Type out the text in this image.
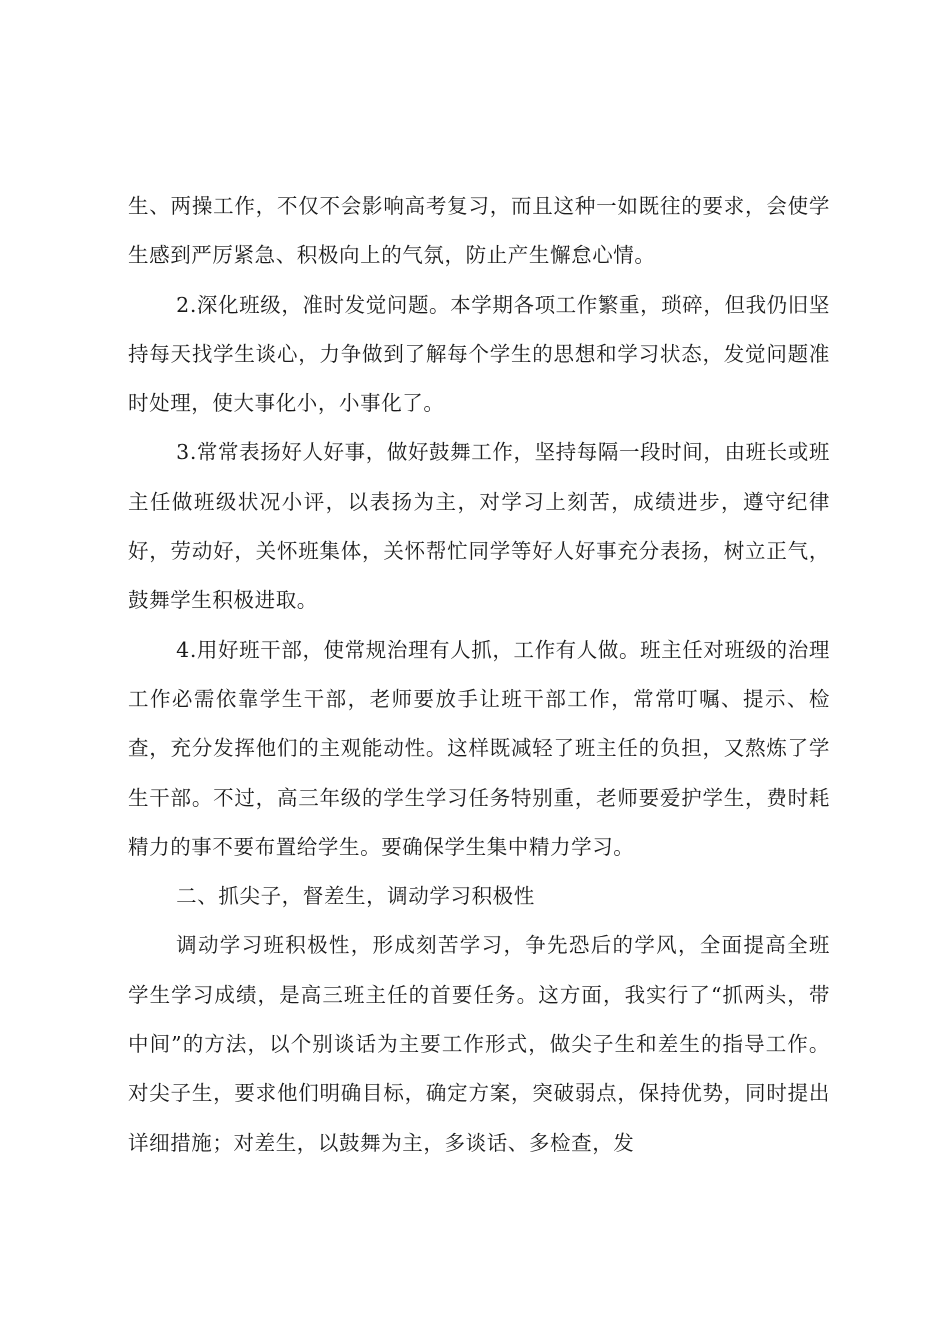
生、两操工作，不仅不会影响高考复习，而且这种一如既往的要求，会使学生感到严厉紧急、积极向上的气氛，防止产生懈怠心情。

2.深化班级，准时发觉问题。本学期各项工作繁重，琐碎，但我仍旧坚持每天找学生谈心，力争做到了解每个学生的思想和学习状态，发觉问题准时处理，使大事化小，小事化了。

3.常常表扬好人好事，做好鼓舞工作，坚持每隔一段时间，由班长或班主任做班级状况小评，以表扬为主，对学习上刻苦，成绩进步，遵守纪律好，劳动好，关怀班集体，关怀帮忙同学等好人好事充分表扬，树立正气，鼓舞学生积极进取。

4.用好班干部，使常规治理有人抓，工作有人做。班主任对班级的治理工作必需依靠学生干部，老师要放手让班干部工作，常常叮嘱、提示、检查，充分发挥他们的主观能动性。这样既减轻了班主任的负担，又熬炼了学生干部。不过，高三年级的学生学习任务特别重，老师要爱护学生，费时耗精力的事不要布置给学生。要确保学生集中精力学习。

二、抓尖子，督差生，调动学习积极性

调动学习班积极性，形成刻苦学习，争先恐后的学风，全面提高全班学生学习成绩，是高三班主任的首要任务。这方面，我实行了“抓两头，带中间”的方法，以个别谈话为主要工作形式，做尖子生和差生的指导工作。对尖子生，要求他们明确目标，确定方案，突破弱点，保持优势，同时提出详细措施；对差生，以鼓舞为主，多谈话、多检查，发
